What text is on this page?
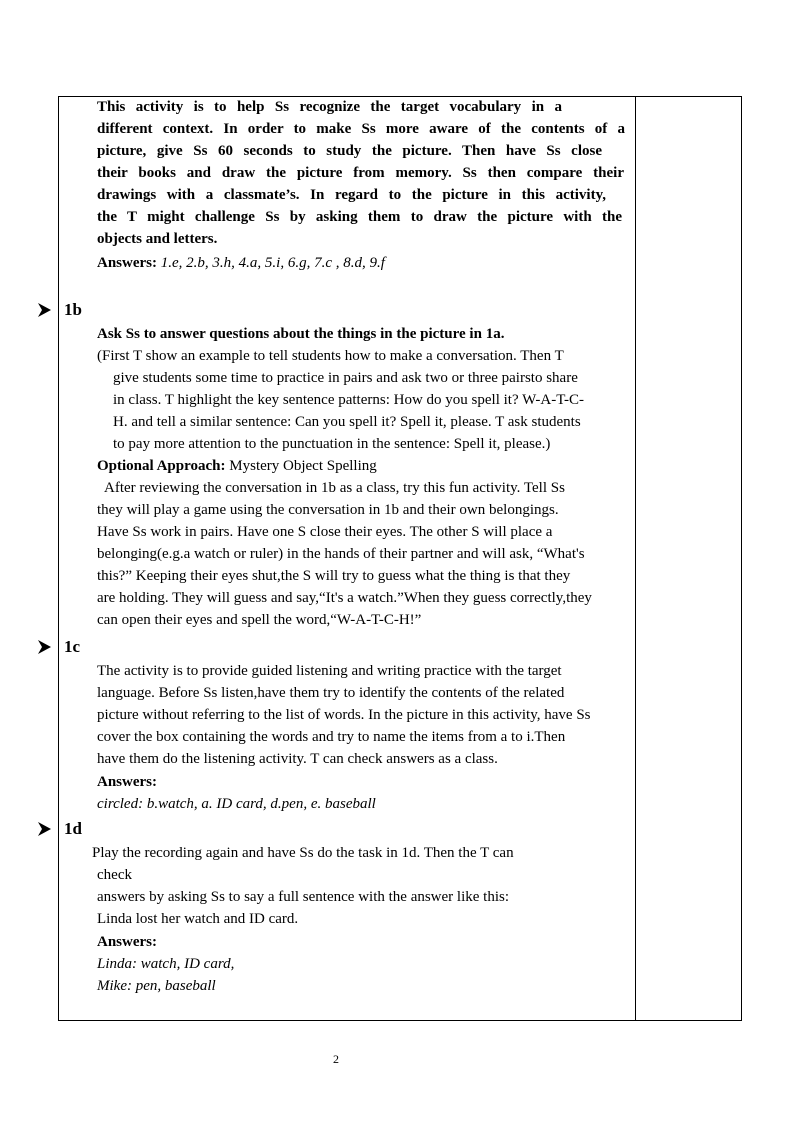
This activity is to help Ss recognize the target vocabulary in a
different context. In order to make Ss more aware of the contents of a
picture, give Ss 60 seconds to study the picture. Then have Ss close
their books and draw the picture from memory. Ss then compare their
drawings with a classmate’s. In regard to the picture in this activity,
the T might challenge Ss by asking them to draw the picture with the
objects and letters.
Answers: 1.e, 2.b, 3.h, 4.a, 5.i, 6.g, 7.c , 8.d, 9.f
1b
Ask Ss to answer questions about the things in the picture in 1a.
(First T show an example to tell students how to make a conversation. Then T
give students some time to practice in pairs and ask two or three pairsto share
in class. T highlight the key sentence patterns: How do you spell it? W-A-T-C-
H. and tell a similar sentence: Can you spell it? Spell it, please. T ask students
to pay more attention to the punctuation in the sentence: Spell it, please.)
Optional Approach: Mystery Object Spelling
After reviewing the conversation in 1b as a class, try this fun activity. Tell Ss
they will play a game using the conversation in 1b and their own belongings.
Have Ss work in pairs. Have one S close their eyes. The other S will place a
belonging(e.g.a watch or ruler) in the hands of their partner and will ask, “What's
this?” Keeping their eyes shut,the S will try to guess what the thing is that they
are holding. They will guess and say,“It's a watch.”When they guess correctly,they
can open their eyes and spell the word,“W-A-T-C-H!”
1c
The activity is to provide guided listening and writing practice with the target
language. Before Ss listen,have them try to identify the contents of the related
picture without referring to the list of words. In the picture in this activity, have Ss
cover the box containing the words and try to name the items from a to i.Then
have them do the listening activity. T can check answers as a class.
Answers:
circled: b.watch, a. ID card, d.pen, e. baseball
1d
Play the recording again and have Ss do the task in 1d. Then the T can
check
answers by asking Ss to say a full sentence with the answer like this:
Linda lost her watch and ID card.
Answers:
Linda: watch, ID card,
Mike: pen, baseball
2
